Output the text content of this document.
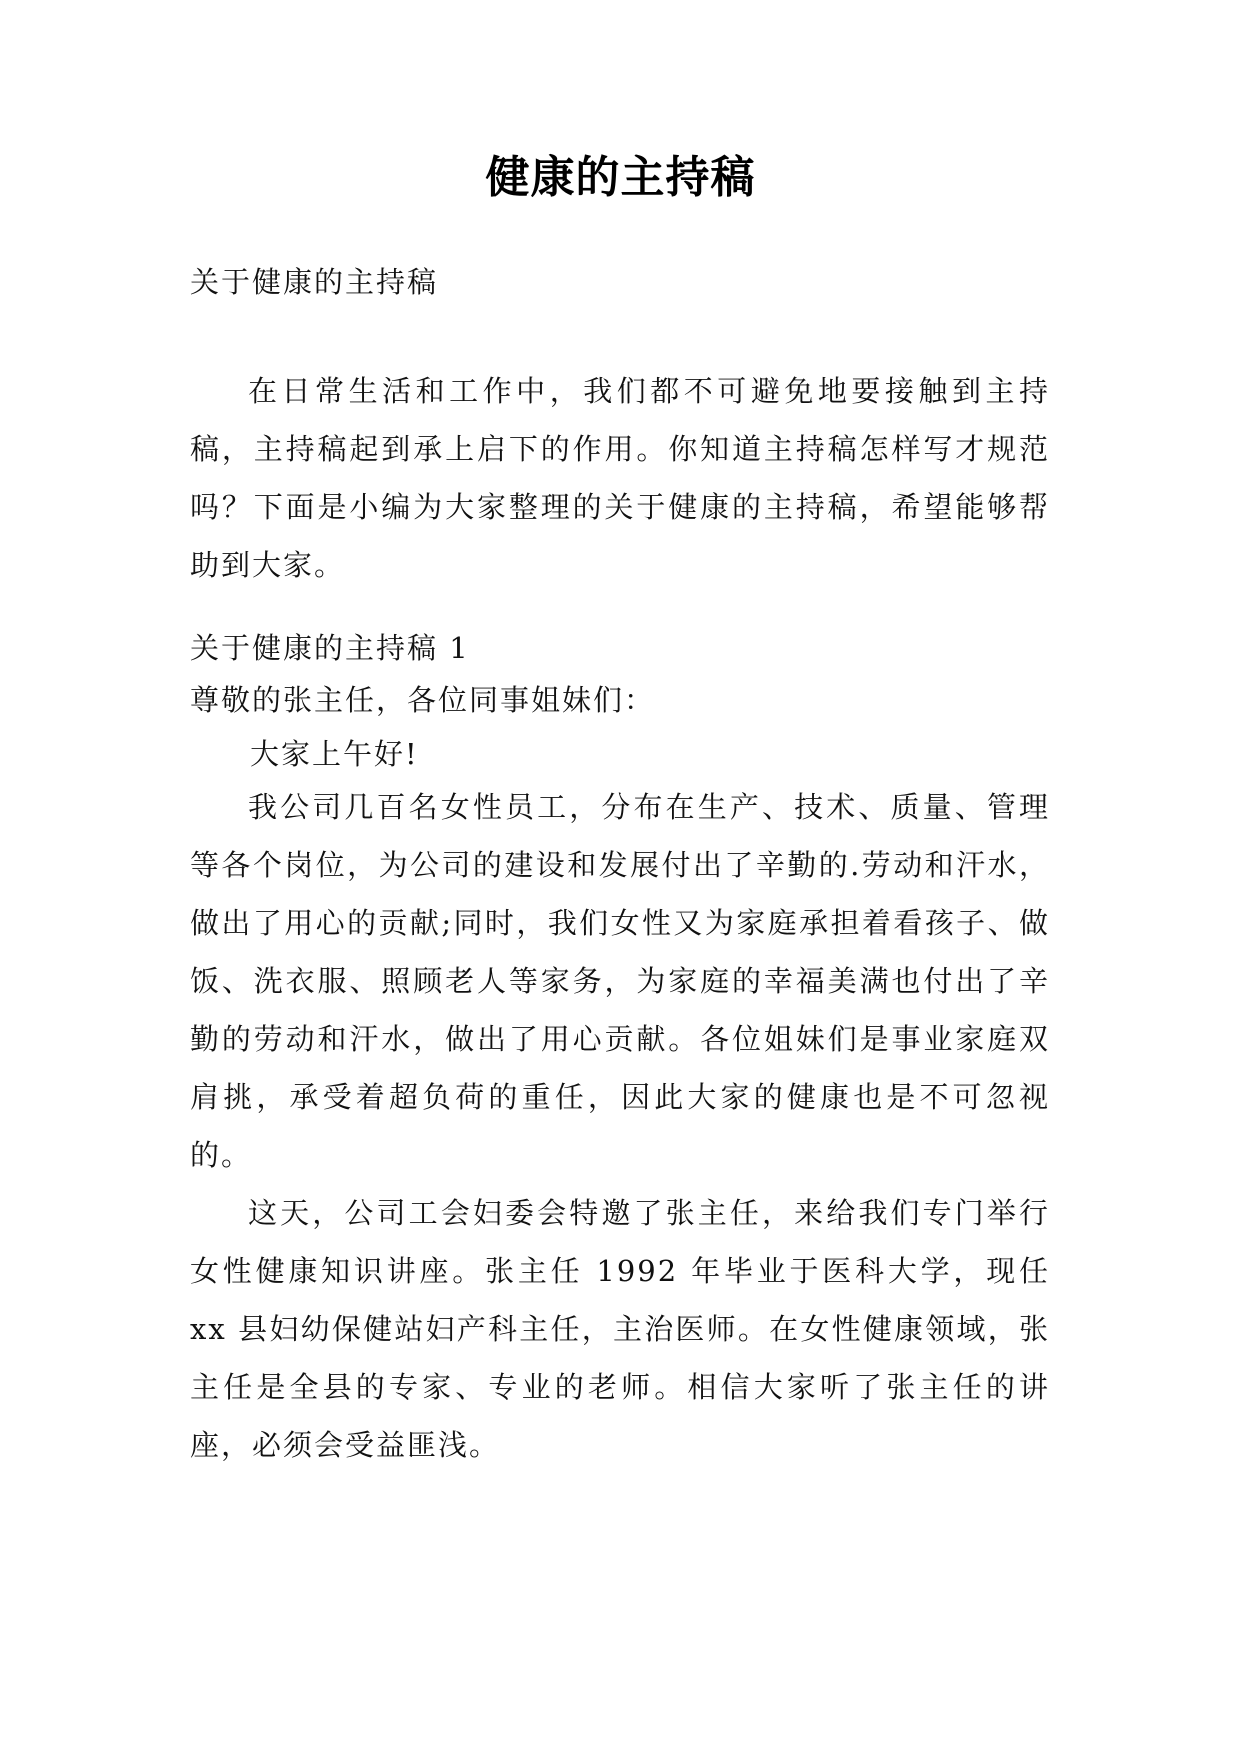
健康的主持稿
关于健康的主持稿

在日常生活和工作中，我们都不可避免地要接触到主持稿，主持稿起到承上启下的作用。你知道主持稿怎样写才规范吗？下面是小编为大家整理的关于健康的主持稿，希望能够帮助到大家。

关于健康的主持稿 1
尊敬的张主任，各位同事姐妹们：
大家上午好!

我公司几百名女性员工，分布在生产、技术、质量、管理等各个岗位，为公司的建设和发展付出了辛勤的.劳动和汗水，做出了用心的贡献;同时，我们女性又为家庭承担着看孩子、做饭、洗衣服、照顾老人等家务，为家庭的幸福美满也付出了辛勤的劳动和汗水，做出了用心贡献。各位姐妹们是事业家庭双肩挑，承受着超负荷的重任，因此大家的健康也是不可忽视的。

这天，公司工会妇委会特邀了张主任，来给我们专门举行女性健康知识讲座。张主任 1992 年毕业于医科大学，现任 xx 县妇幼保健站妇产科主任，主治医师。在女性健康领域，张主任是全县的专家、专业的老师。相信大家听了张主任的讲座，必须会受益匪浅。
